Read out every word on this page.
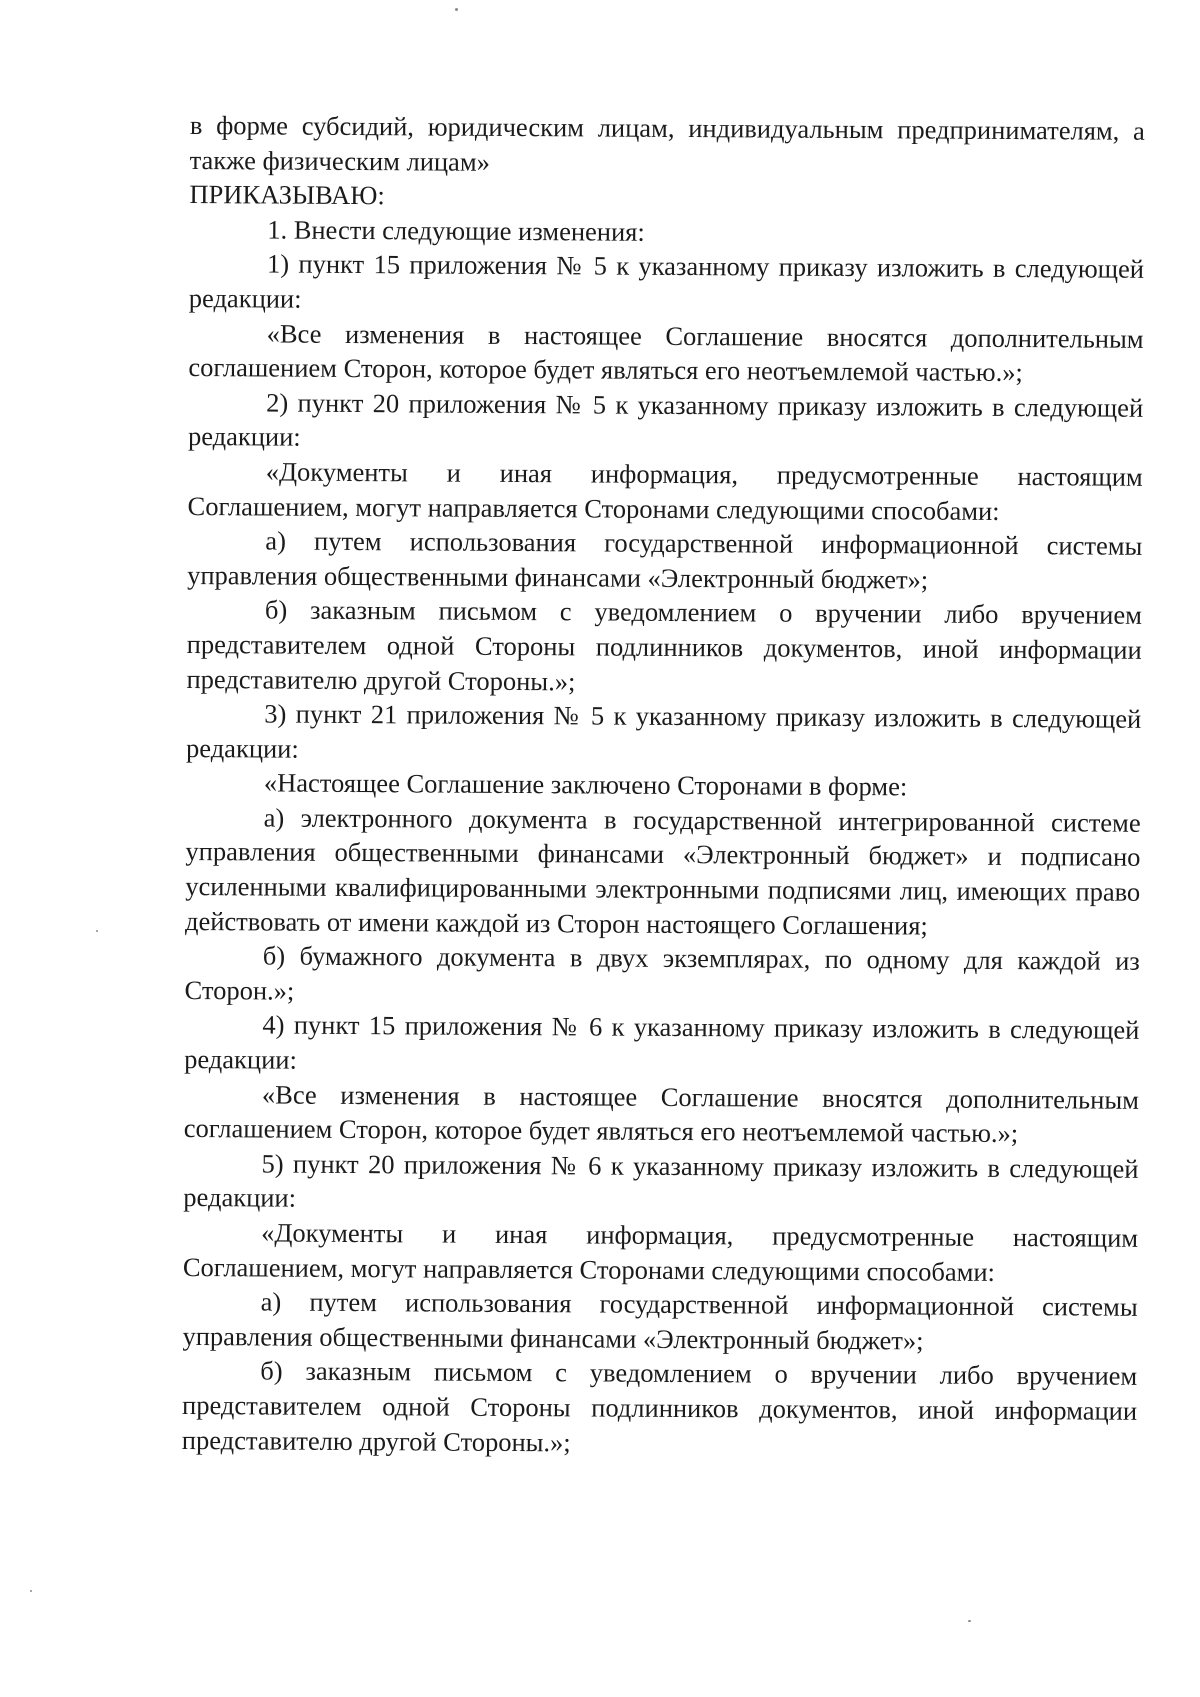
в форме субсидий, юридическим лицам, индивидуальным предпринимателям, а также физическим лицам»

ПРИКАЗЫВАЮ:

1. Внести следующие изменения:

1) пункт 15 приложения № 5 к указанному приказу изложить в следующей редакции:

«Все изменения в настоящее Соглашение вносятся дополнительным соглашением Сторон, которое будет являться его неотъемлемой частью.»;

2) пункт 20 приложения № 5 к указанному приказу изложить в следующей редакции:

«Документы и иная информация, предусмотренные настоящим Соглашением, могут направляется Сторонами следующими способами:

а) путем использования государственной информационной системы управления общественными финансами «Электронный бюджет»;

б) заказным письмом с уведомлением о вручении либо вручением представителем одной Стороны подлинников документов, иной информации представителю другой Стороны.»;

3) пункт 21 приложения № 5 к указанному приказу изложить в следующей редакции:

«Настоящее Соглашение заключено Сторонами в форме:

а) электронного документа в государственной интегрированной системе управления общественными финансами «Электронный бюджет» и подписано усиленными квалифицированными электронными подписями лиц, имеющих право действовать от имени каждой из Сторон настоящего Соглашения;

б) бумажного документа в двух экземплярах, по одному для каждой из Сторон.»;

4) пункт 15 приложения № 6 к указанному приказу изложить в следующей редакции:

«Все изменения в настоящее Соглашение вносятся дополнительным соглашением Сторон, которое будет являться его неотъемлемой частью.»;

5) пункт 20 приложения № 6 к указанному приказу изложить в следующей редакции:

«Документы и иная информация, предусмотренные настоящим Соглашением, могут направляется Сторонами следующими способами:

а) путем использования государственной информационной системы управления общественными финансами «Электронный бюджет»;

б) заказным письмом с уведомлением о вручении либо вручением представителем одной Стороны подлинников документов, иной информации представителю другой Стороны.»;
